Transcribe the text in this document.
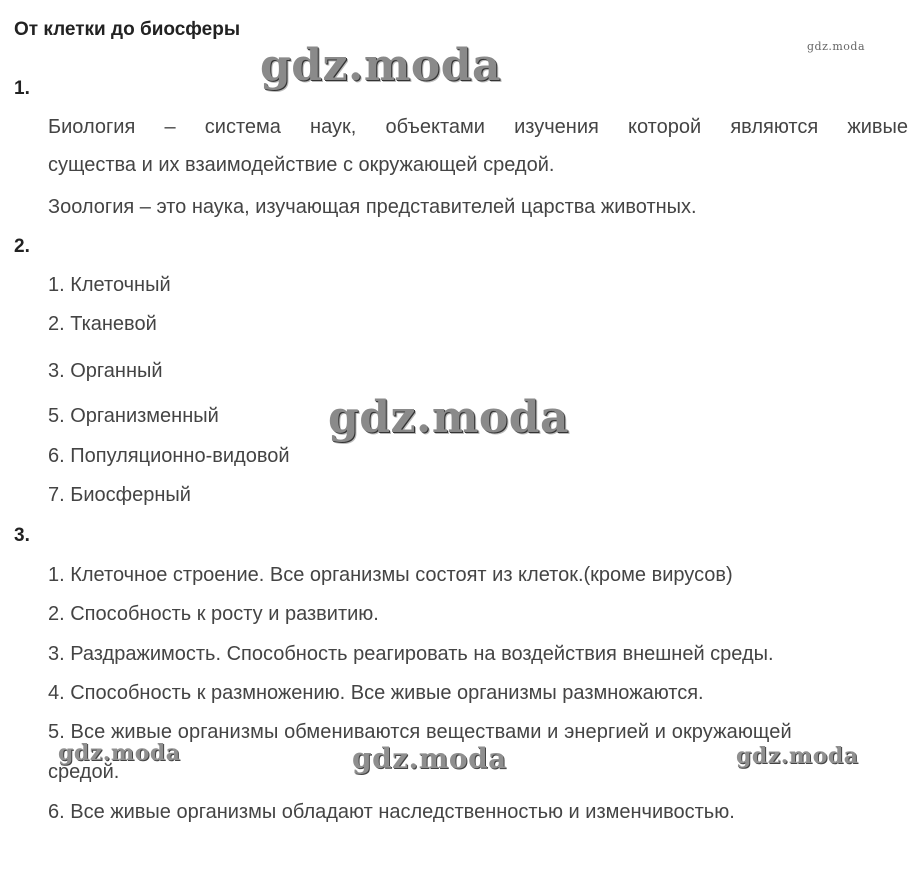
От клетки до биосферы
gdz.moda
gdz.moda
gdz.moda
gdz.moda	gdz.moda	gdz.moda
1.
Биология – система наук, объектами изучения которой являются живые
существа и их взаимодействие с окружающей средой.
Зоология – это наука, изучающая представителей царства животных.
2.
1. Клеточный
2. Тканевой
3. Органный
5. Организменный
6. Популяционно-видовой
7. Биосферный
3.
1. Клеточное строение. Все организмы состоят из клеток.(кроме вирусов)
2. Способность к росту и развитию.
3. Раздражимость. Способность реагировать на воздействия внешней среды.
4. Способность к размножению. Все живые организмы размножаются.
5. Все живые организмы обмениваются веществами и энергией и окружающей
средой.
6. Все живые организмы обладают наследственностью и изменчивостью.
